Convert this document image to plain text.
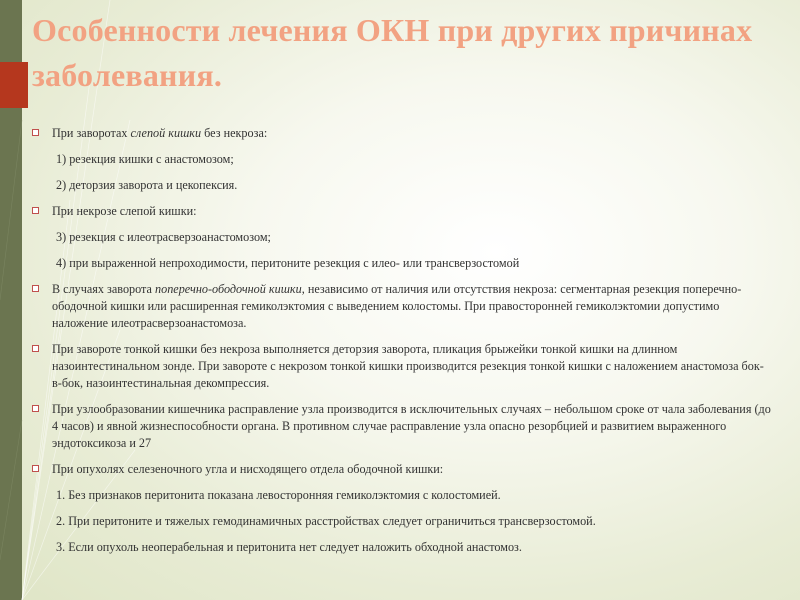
Особенности лечения ОКН при других причинах заболевания.
При заворотах слепой кишки без некроза:
1) резекция кишки с анастомозом;
2) деторзия заворота и цекопексия.
При некрозе слепой кишки:
3) резекция с илеотрасверзоанастомозом;
4) при выраженной непроходимости, перитоните резекция с илео- или трансверзостомой
В случаях заворота поперечно-ободочной кишки, независимо от наличия или отсутствия некроза: сегментарная резекция поперечно-ободочной кишки или расширенная гемиколэктомия с выведением колостомы. При правосторонней гемиколэктомии допустимо наложение илеотрасверзоанастомоза.
При завороте тонкой кишки без некроза выполняется деторзия заворота, пликация брыжейки тонкой кишки на длинном назоинтестинальном зонде. При завороте с некрозом тонкой кишки производится резекция тонкой кишки с наложением анастомоза бок-в-бок, назоинтестинальная декомпрессия.
При узлообразовании кишечника расправление узла производится в исключительных случаях – небольшом сроке от чала заболевания (до 4 часов) и явной жизнеспособности органа. В противном случае расправление узла опасно резорбцией и развитием выраженного эндотоксикоза и 27
При опухолях селезеночного угла и нисходящего отдела ободочной кишки:
1. Без признаков перитонита показана левосторонняя гемиколэктомия с колостомией.
2. При перитоните и тяжелых гемодинамичных расстройствах следует ограничиться трансверзостомой.
3. Если опухоль неоперабельная и перитонита нет следует наложить обходной анастомоз.
